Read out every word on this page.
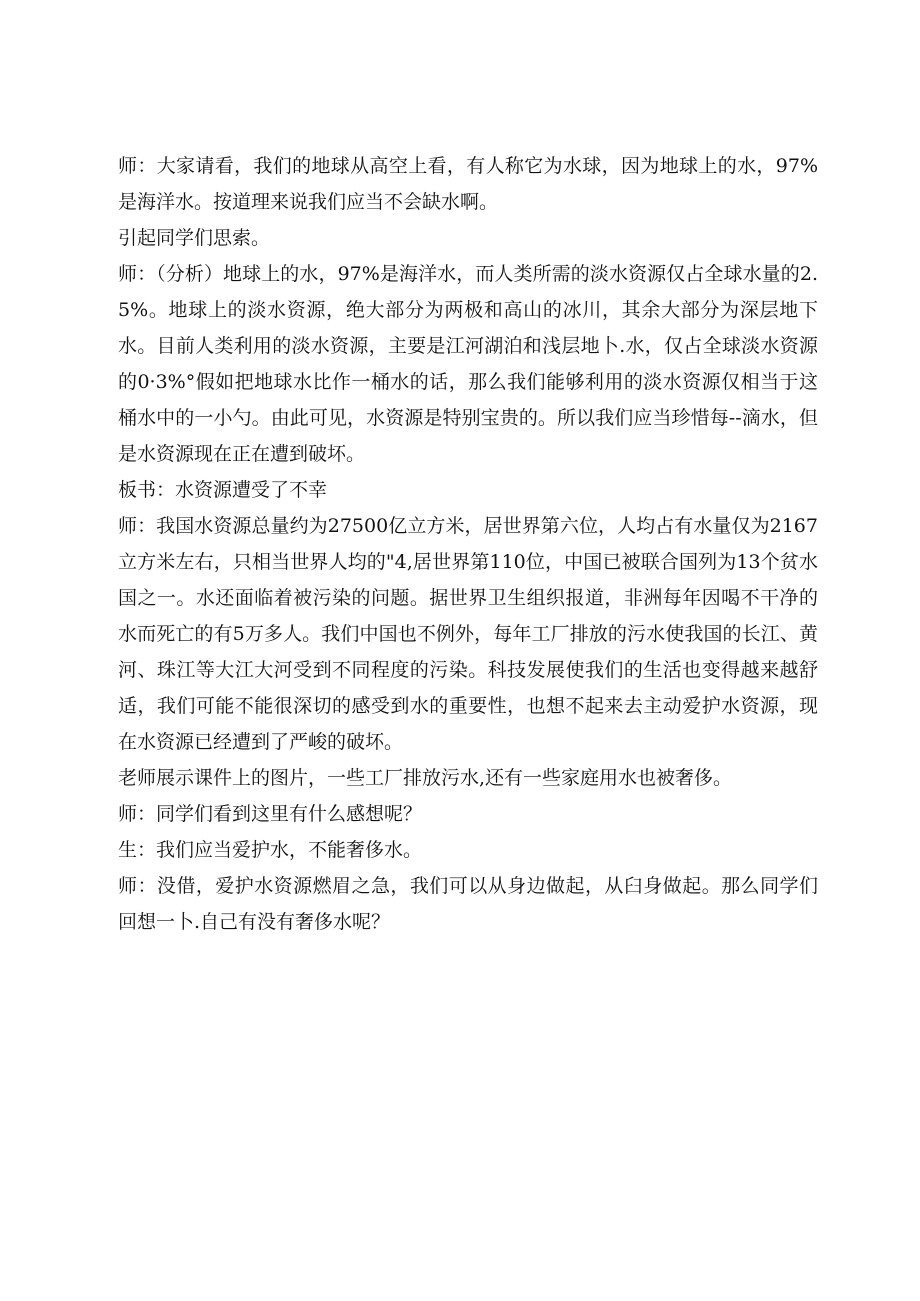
师：大家请看，我们的地球从高空上看，有人称它为水球，因为地球上的水，97%是海洋水。按道理来说我们应当不会缺水啊。

引起同学们思索。

师：（分析）地球上的水，97%是海洋水，而人类所需的淡水资源仅占全球水量的2.5%。地球上的淡水资源，绝大部分为两极和高山的冰川，其余大部分为深层地下水。目前人类利用的淡水资源，主要是江河湖泊和浅层地卜.水，仅占全球淡水资源的0·3%°假如把地球水比作一桶水的话，那么我们能够利用的淡水资源仅相当于这桶水中的一小勺。由此可见，水资源是特别宝贵的。所以我们应当珍惜每--滴水，但是水资源现在正在遭到破坏。

板书：水资源遭受了不幸

师：我国水资源总量约为27500亿立方米，居世界第六位，人均占有水量仅为2167立方米左右，只相当世界人均的"4,居世界第110位，中国已被联合国列为13个贫水国之一。水还面临着被污染的问题。据世界卫生组织报道，非洲每年因喝不干净的水而死亡的有5万多人。我们中国也不例外，每年工厂排放的污水使我国的长江、黄河、珠江等大江大河受到不同程度的污染。科技发展使我们的生活也变得越来越舒适，我们可能不能很深切的感受到水的重要性，也想不起来去主动爱护水资源，现在水资源已经遭到了严峻的破坏。

老师展示课件上的图片，一些工厂排放污水,还有一些家庭用水也被奢侈。

师：同学们看到这里有什么感想呢？

生：我们应当爱护水，不能奢侈水。

师：没借，爱护水资源燃眉之急，我们可以从身边做起，从臼身做起。那么同学们回想一卜.自己有没有奢侈水呢？
